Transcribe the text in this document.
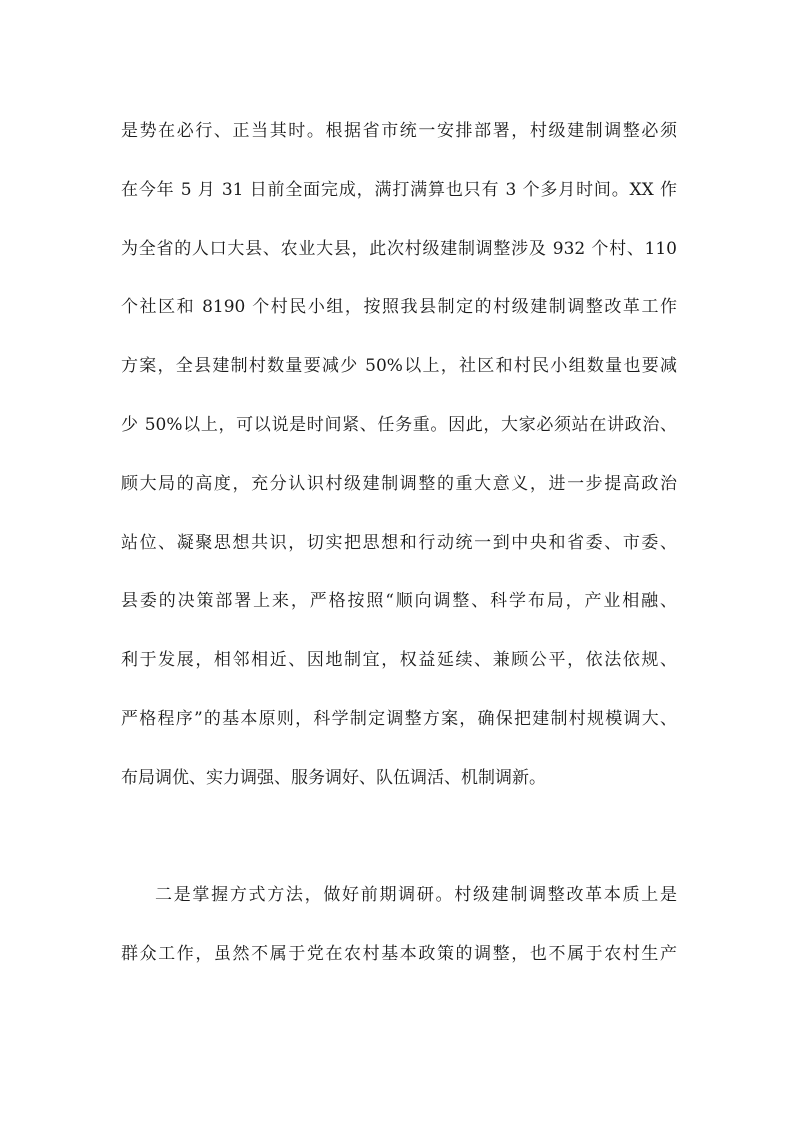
是势在必行、正当其时。根据省市统一安排部署，村级建制调整必须
在今年 5 月 31 日前全面完成，满打满算也只有 3 个多月时间。XX 作
为全省的人口大县、农业大县，此次村级建制调整涉及 932 个村、110
个社区和 8190 个村民小组，按照我县制定的村级建制调整改革工作
方案，全县建制村数量要减少 50%以上，社区和村民小组数量也要减
少 50%以上，可以说是时间紧、任务重。因此，大家必须站在讲政治、
顾大局的高度，充分认识村级建制调整的重大意义，进一步提高政治
站位、凝聚思想共识，切实把思想和行动统一到中央和省委、市委、
县委的决策部署上来，严格按照“顺向调整、科学布局，产业相融、
利于发展，相邻相近、因地制宜，权益延续、兼顾公平，依法依规、
严格程序”的基本原则，科学制定调整方案，确保把建制村规模调大、
布局调优、实力调强、服务调好、队伍调活、机制调新。
二是掌握方式方法，做好前期调研。村级建制调整改革本质上是
群众工作，虽然不属于党在农村基本政策的调整，也不属于农村生产
